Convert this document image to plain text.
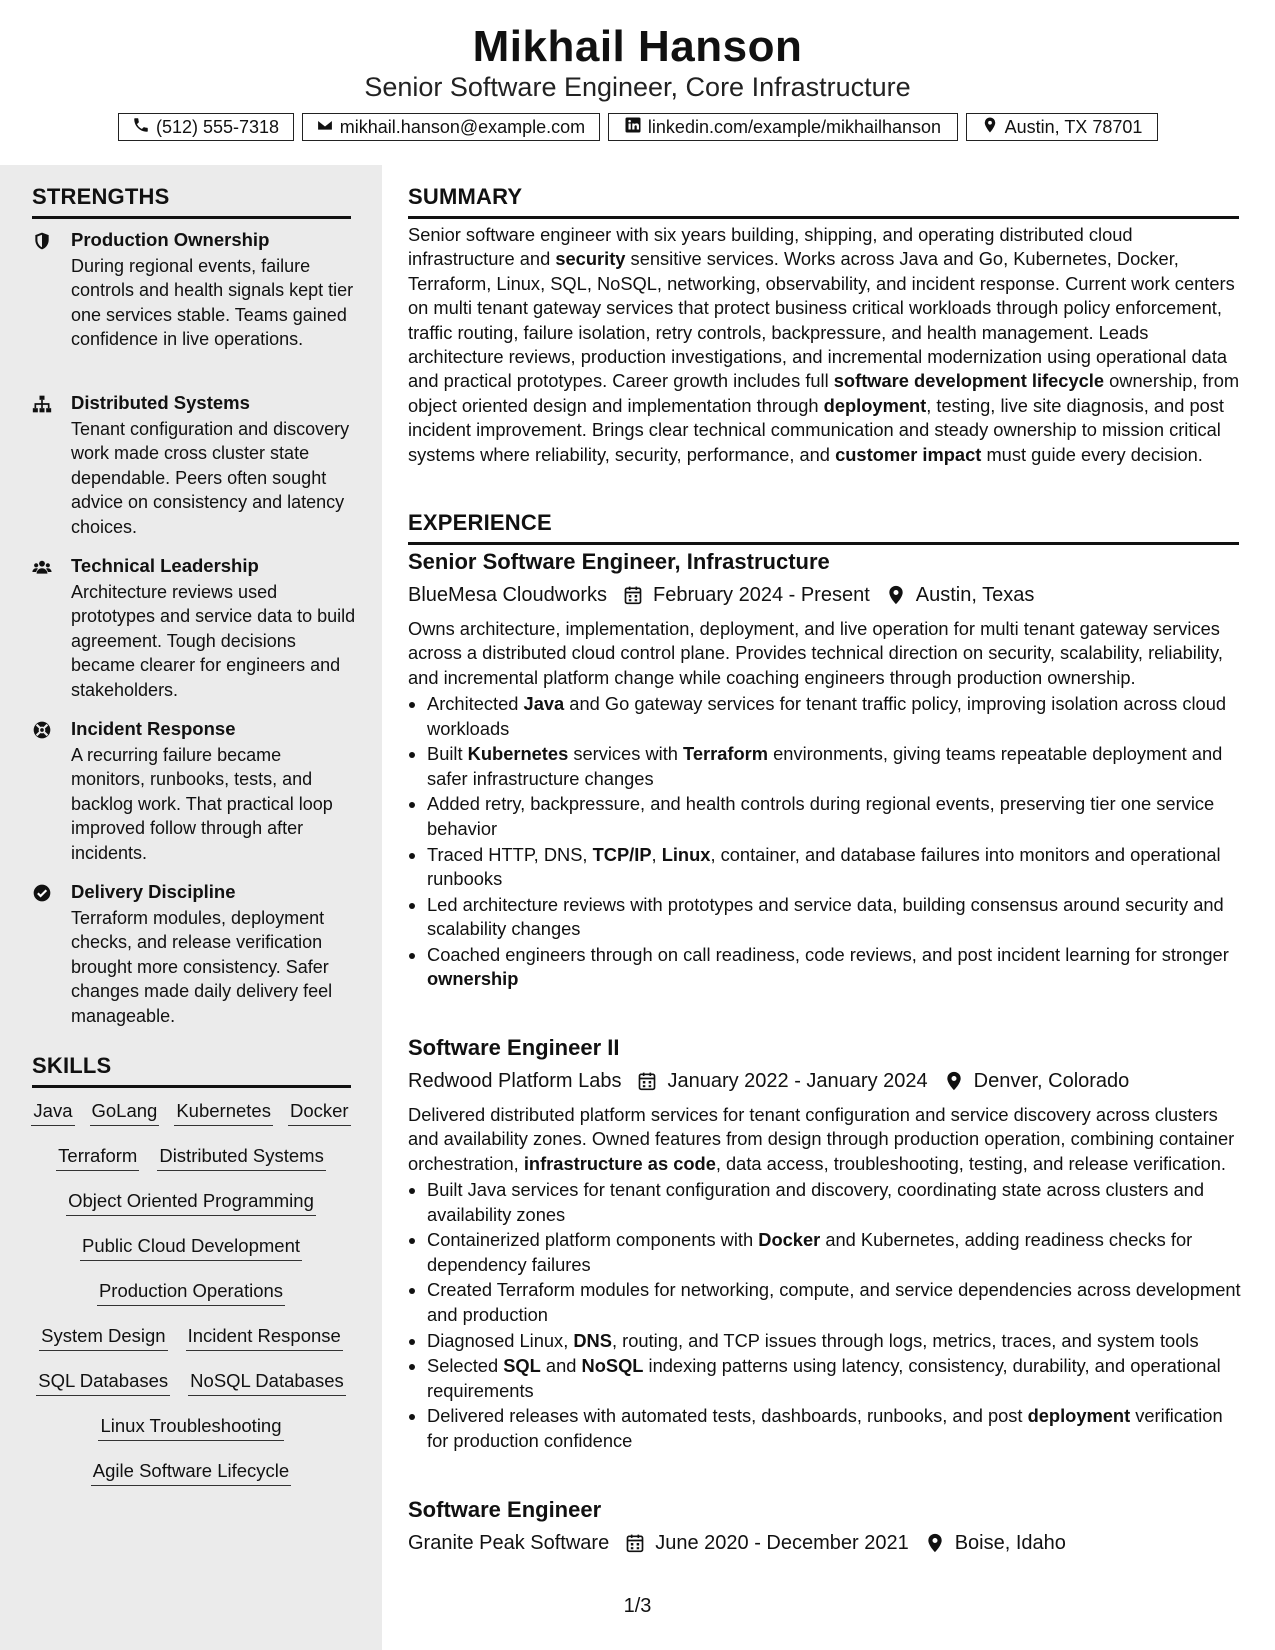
Mikhail Hanson
Senior Software Engineer, Core Infrastructure
(512) 555-7318	mikhail.hanson@example.com	linkedin.com/example/mikhailhanson	Austin, TX 78701
STRENGTHS
Production Ownership
During regional events, failure controls and health signals kept tier one services stable. Teams gained confidence in live operations.
Distributed Systems
Tenant configuration and discovery work made cross cluster state dependable. Peers often sought advice on consistency and latency choices.
Technical Leadership
Architecture reviews used prototypes and service data to build agreement. Tough decisions became clearer for engineers and stakeholders.
Incident Response
A recurring failure became monitors, runbooks, tests, and backlog work. That practical loop improved follow through after incidents.
Delivery Discipline
Terraform modules, deployment checks, and release verification brought more consistency. Safer changes made daily delivery feel manageable.
SKILLS
Java GoLang Kubernetes Docker
Terraform Distributed Systems
Object Oriented Programming
Public Cloud Development
Production Operations
System Design Incident Response
SQL Databases NoSQL Databases
Linux Troubleshooting
Agile Software Lifecycle
SUMMARY
Senior software engineer with six years building, shipping, and operating distributed cloud infrastructure and security sensitive services. Works across Java and Go, Kubernetes, Docker, Terraform, Linux, SQL, NoSQL, networking, observability, and incident response. Current work centers on multi tenant gateway services that protect business critical workloads through policy enforcement, traffic routing, failure isolation, retry controls, backpressure, and health management. Leads architecture reviews, production investigations, and incremental modernization using operational data and practical prototypes. Career growth includes full software development lifecycle ownership, from object oriented design and implementation through deployment, testing, live site diagnosis, and post incident improvement. Brings clear technical communication and steady ownership to mission critical systems where reliability, security, performance, and customer impact must guide every decision.
EXPERIENCE
Senior Software Engineer, Infrastructure
BlueMesa Cloudworks February 2024 - Present Austin, Texas
Owns architecture, implementation, deployment, and live operation for multi tenant gateway services across a distributed cloud control plane. Provides technical direction on security, scalability, reliability, and incremental platform change while coaching engineers through production ownership.
• Architected Java and Go gateway services for tenant traffic policy, improving isolation across cloud workloads
• Built Kubernetes services with Terraform environments, giving teams repeatable deployment and safer infrastructure changes
• Added retry, backpressure, and health controls during regional events, preserving tier one service behavior
• Traced HTTP, DNS, TCP/IP, Linux, container, and database failures into monitors and operational runbooks
• Led architecture reviews with prototypes and service data, building consensus around security and scalability changes
• Coached engineers through on call readiness, code reviews, and post incident learning for stronger ownership
Software Engineer II
Redwood Platform Labs January 2022 - January 2024 Denver, Colorado
Delivered distributed platform services for tenant configuration and service discovery across clusters and availability zones. Owned features from design through production operation, combining container orchestration, infrastructure as code, data access, troubleshooting, testing, and release verification.
• Built Java services for tenant configuration and discovery, coordinating state across clusters and availability zones
• Containerized platform components with Docker and Kubernetes, adding readiness checks for dependency failures
• Created Terraform modules for networking, compute, and service dependencies across development and production
• Diagnosed Linux, DNS, routing, and TCP issues through logs, metrics, traces, and system tools
• Selected SQL and NoSQL indexing patterns using latency, consistency, durability, and operational requirements
• Delivered releases with automated tests, dashboards, runbooks, and post deployment verification for production confidence
Software Engineer
Granite Peak Software June 2020 - December 2021 Boise, Idaho
1/3
